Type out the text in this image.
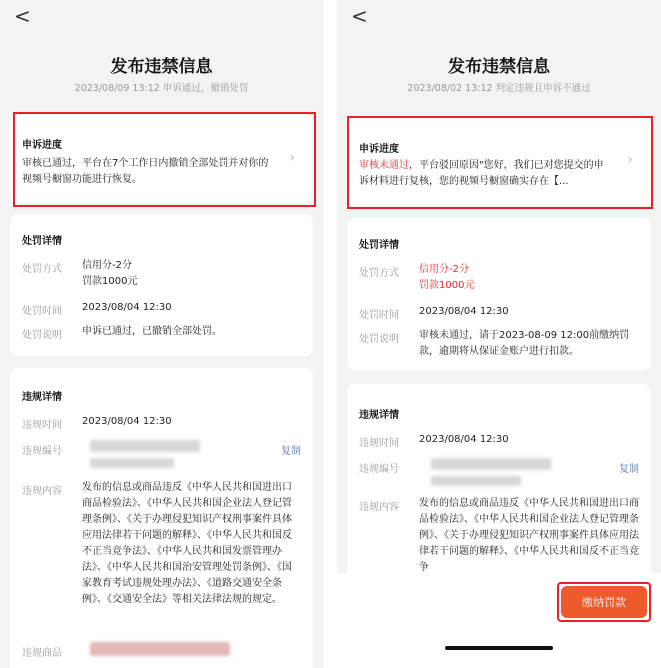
<
发布违禁信息
2023/08/09 13:12 申诉通过，撤销处罚
申诉进度
审核已通过，平台在7个工作日内撤销全部处罚并对你的视频号橱窗功能进行恢复。
›
处罚详情
处罚方式 信用分-2分
罚款1000元
处罚时间 2023/08/04 12:30
处罚说明 申诉已通过，已撤销全部处罚。
违规详情
违规时间 2023/08/04 12:30
违规编号	复制
违规内容 发布的信息或商品违反《中华人民共和国进出口商品检验法》、《中华人民共和国企业法人登记管理条例》、《关于办理侵犯知识产权刑事案件具体应用法律若干问题的解释》、《中华人民共和国反不正当竞争法》、《中华人民共和国发票管理办法》、《中华人民共和国治安管理处罚条例》、《国家教育考试违规处理办法》、《道路交通安全条例》、《交通安全法》等相关法律法规的规定。
违规商品
<
发布违禁信息
2023/08/02 13:12 判定违规且申诉不通过
申诉进度
审核未通过，平台驳回原因"您好，我们已对您提交的申诉材料进行复核，您的视频号橱窗确实存在【...
›
处罚详情
处罚方式 信用分-2分
罚款1000元
处罚时间 2023/08/04 12:30
处罚说明 审核未通过，请于2023-08-09 12:00前缴纳罚款，逾期将从保证金账户进行扣款。
违规详情
违规时间 2023/08/04 12:30
违规编号	复制
违规内容 发布的信息或商品违反《中华人民共和国进出口商品检验法》、《中华人民共和国企业法人登记管理条例》、《关于办理侵犯知识产权刑事案件具体应用法律若干问题的解释》、《中华人民共和国反不正当竞争
缴纳罚款
